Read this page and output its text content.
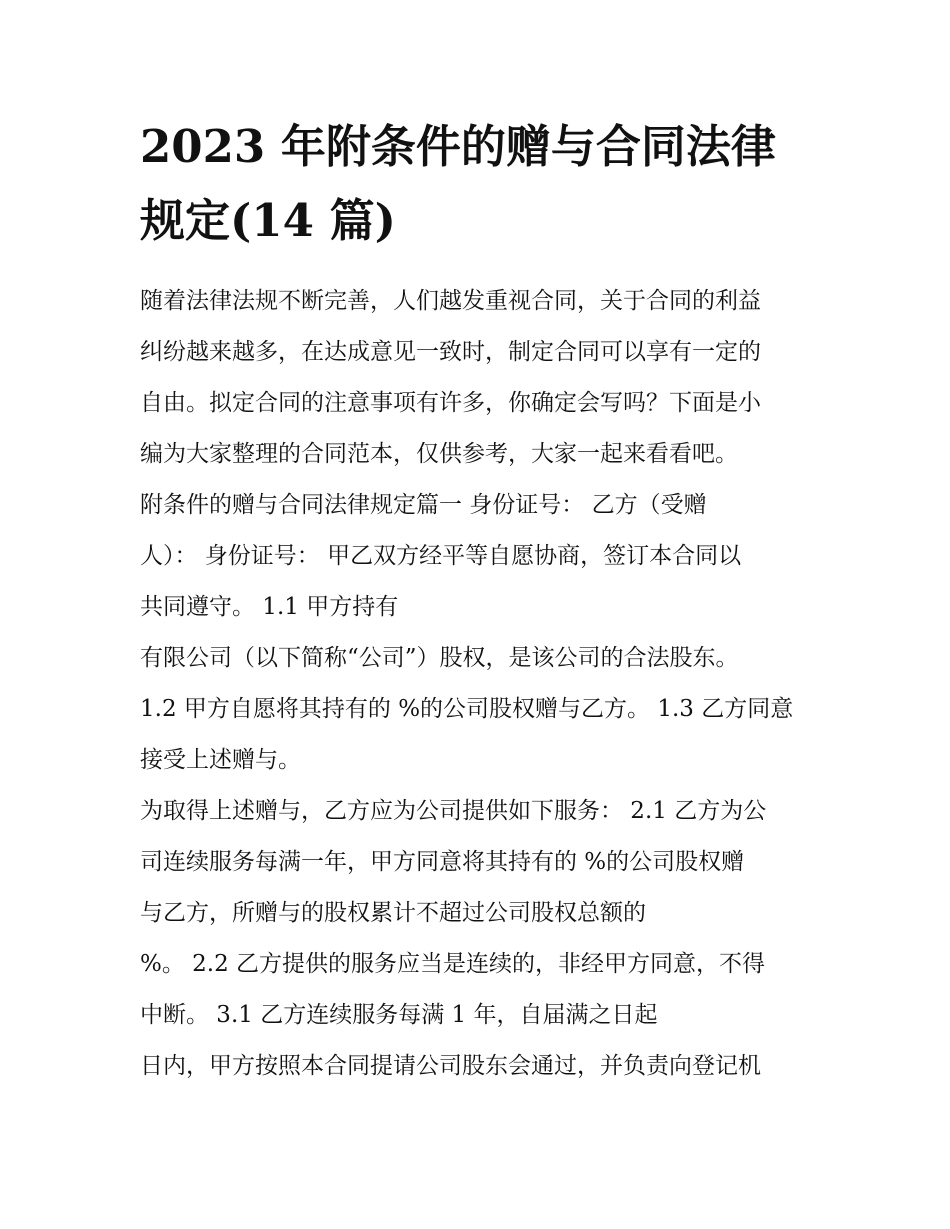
2023 年附条件的赠与合同法律
规定(14 篇)
随着法律法规不断完善，人们越发重视合同，关于合同的利益
纠纷越来越多，在达成意见一致时，制定合同可以享有一定的
自由。拟定合同的注意事项有许多，你确定会写吗？下面是小
编为大家整理的合同范本，仅供参考，大家一起来看看吧。
附条件的赠与合同法律规定篇一 身份证号： 乙方（受赠
人）： 身份证号： 甲乙双方经平等自愿协商，签订本合同以
共同遵守。 1.1 甲方持有
有限公司（以下简称“公司”）股权，是该公司的合法股东。
1.2 甲方自愿将其持有的 %的公司股权赠与乙方。 1.3 乙方同意
接受上述赠与。
为取得上述赠与，乙方应为公司提供如下服务： 2.1 乙方为公
司连续服务每满一年，甲方同意将其持有的 %的公司股权赠
与乙方，所赠与的股权累计不超过公司股权总额的
%。 2.2 乙方提供的服务应当是连续的，非经甲方同意，不得
中断。 3.1 乙方连续服务每满 1 年，自届满之日起
日内，甲方按照本合同提请公司股东会通过，并负责向登记机
